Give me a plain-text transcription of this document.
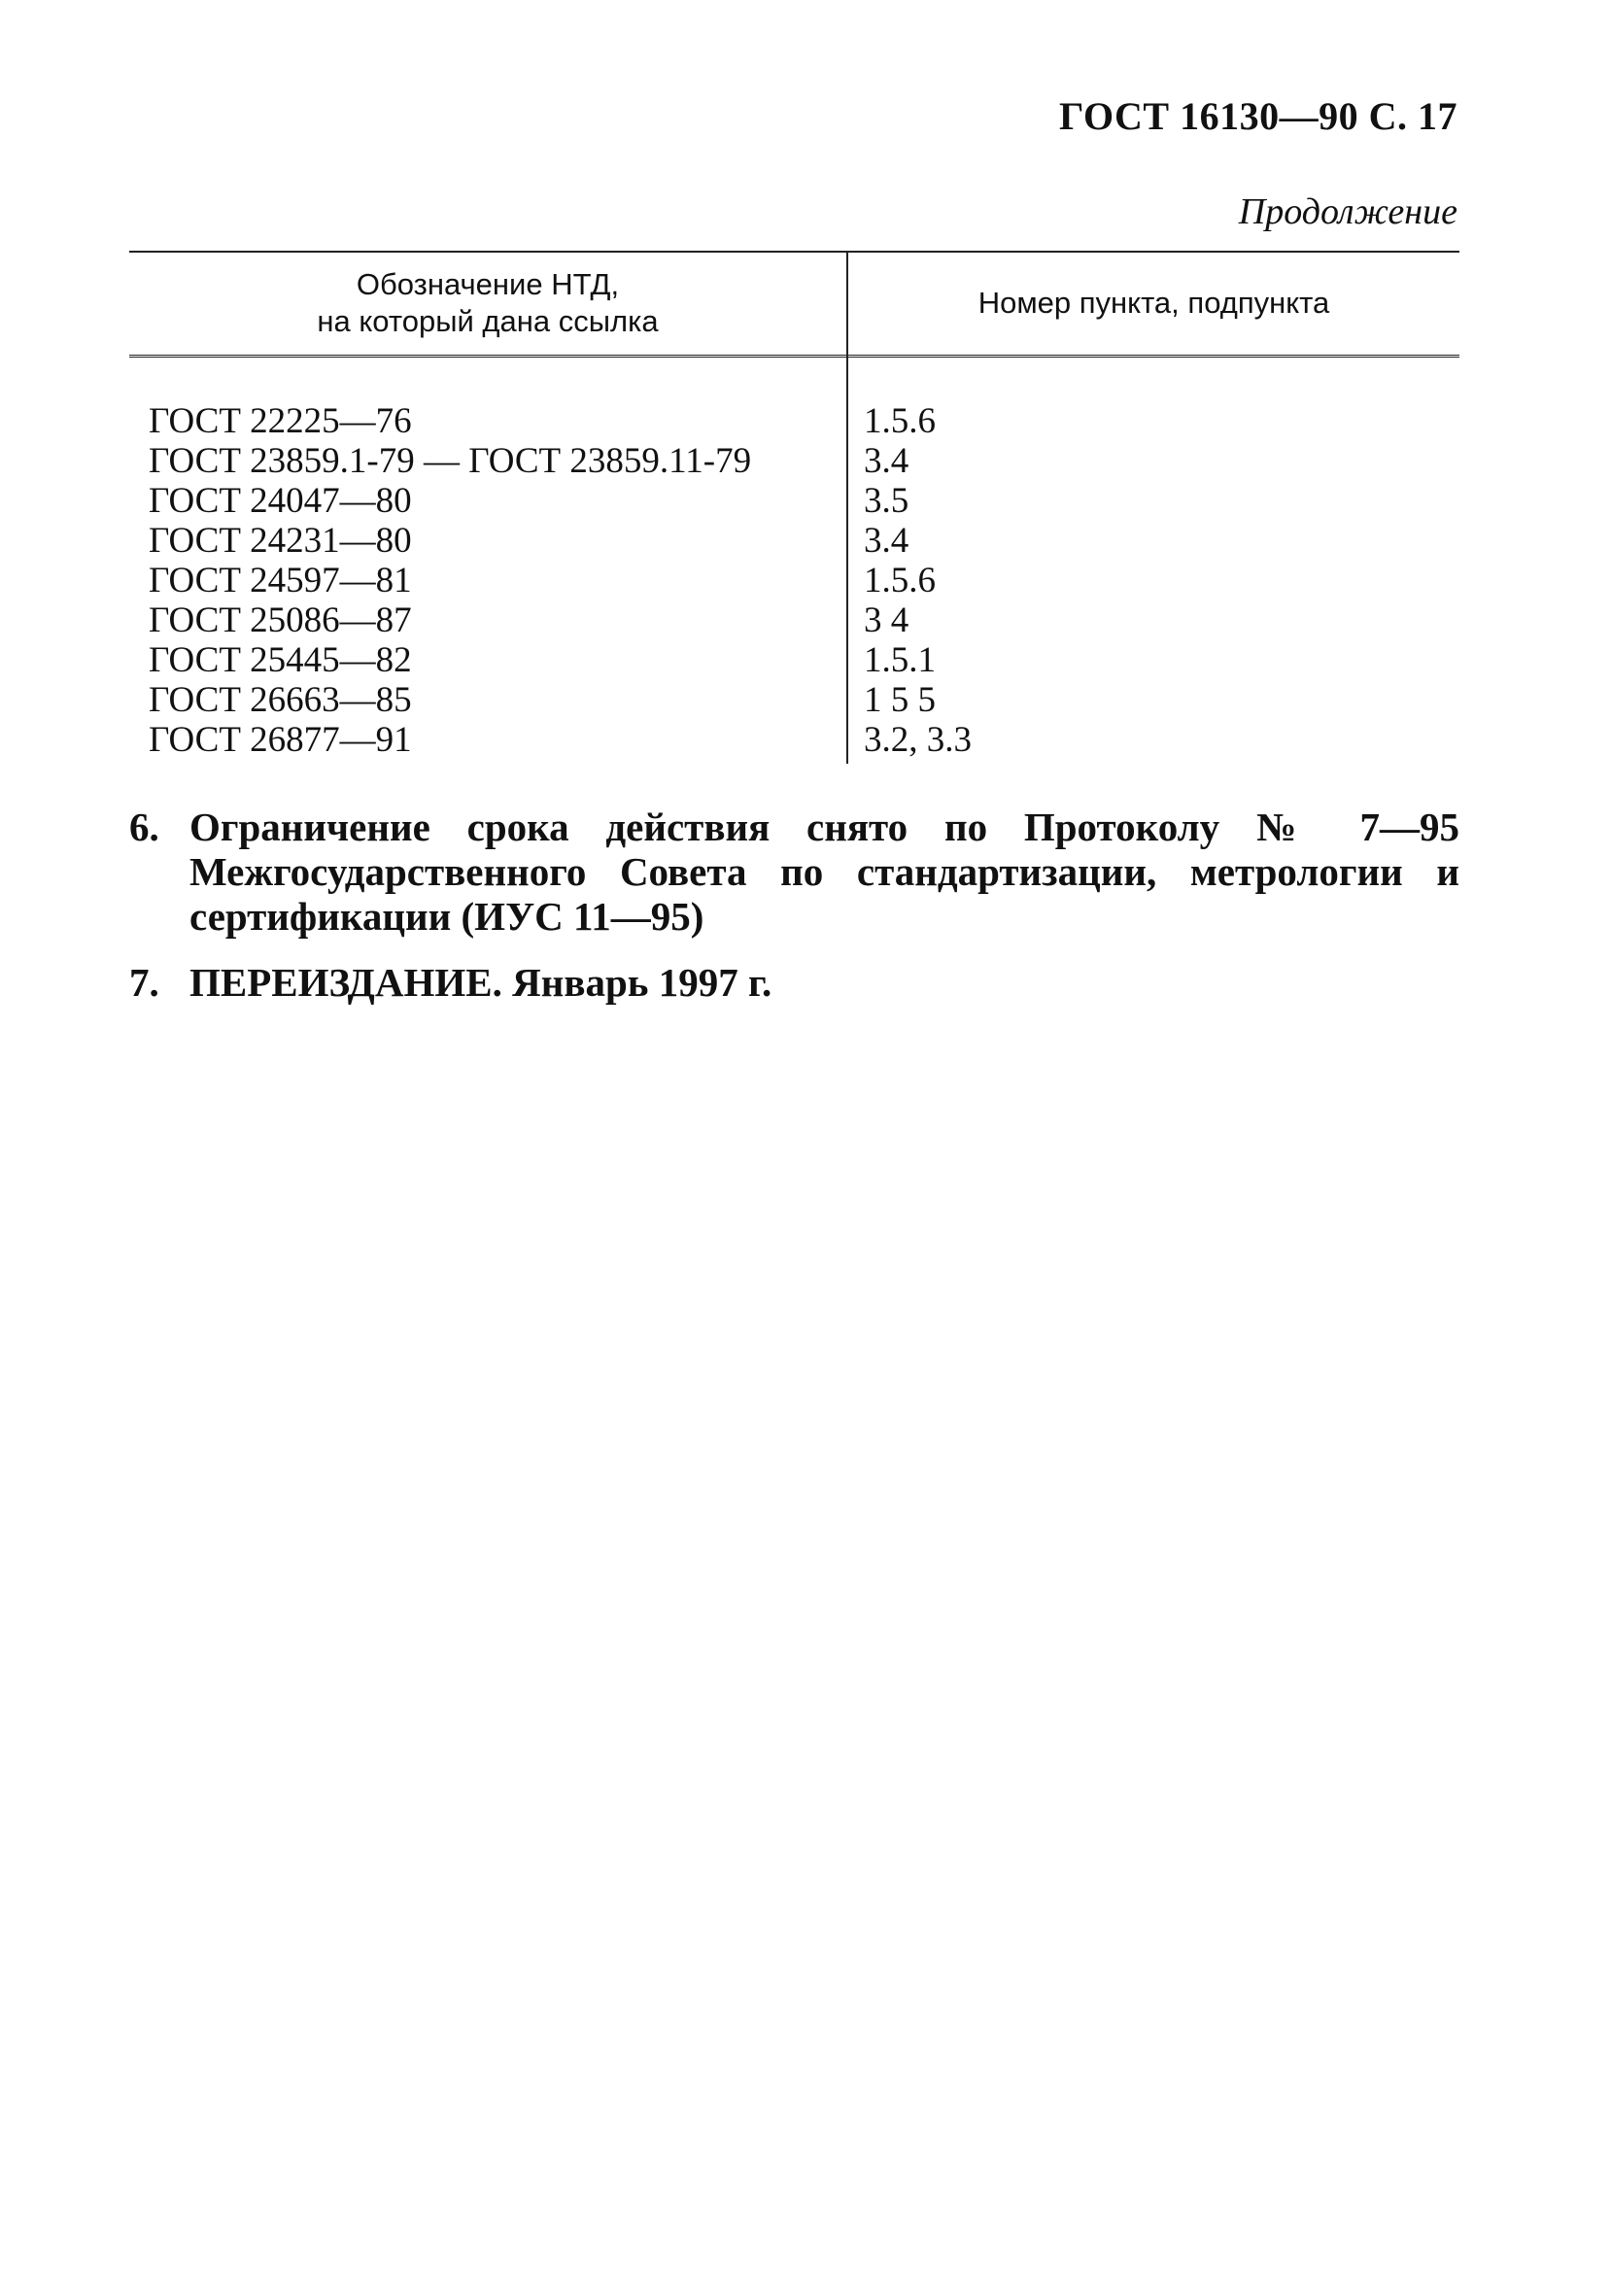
ГОСТ 16130—90 С. 17
Продолжение
Обозначение НТД,
на который дана ссылка
Номер пункта, подпункта
ГОСТ 22225—76	1.5.6
ГОСТ 23859.1-79 — ГОСТ 23859.11-79	3.4
ГОСТ 24047—80	3.5
ГОСТ 24231—80	3.4
ГОСТ 24597—81	1.5.6
ГОСТ 25086—87	3 4
ГОСТ 25445—82	1.5.1
ГОСТ 26663—85	1 5 5
ГОСТ 26877—91	3.2, 3.3
6. Ограничение срока действия снято по Протоколу № 7—95 Межгосударственного Совета по стандартизации, метрологии и сертификации (ИУС 11—95)
7. ПЕРЕИЗДАНИЕ. Январь 1997 г.
